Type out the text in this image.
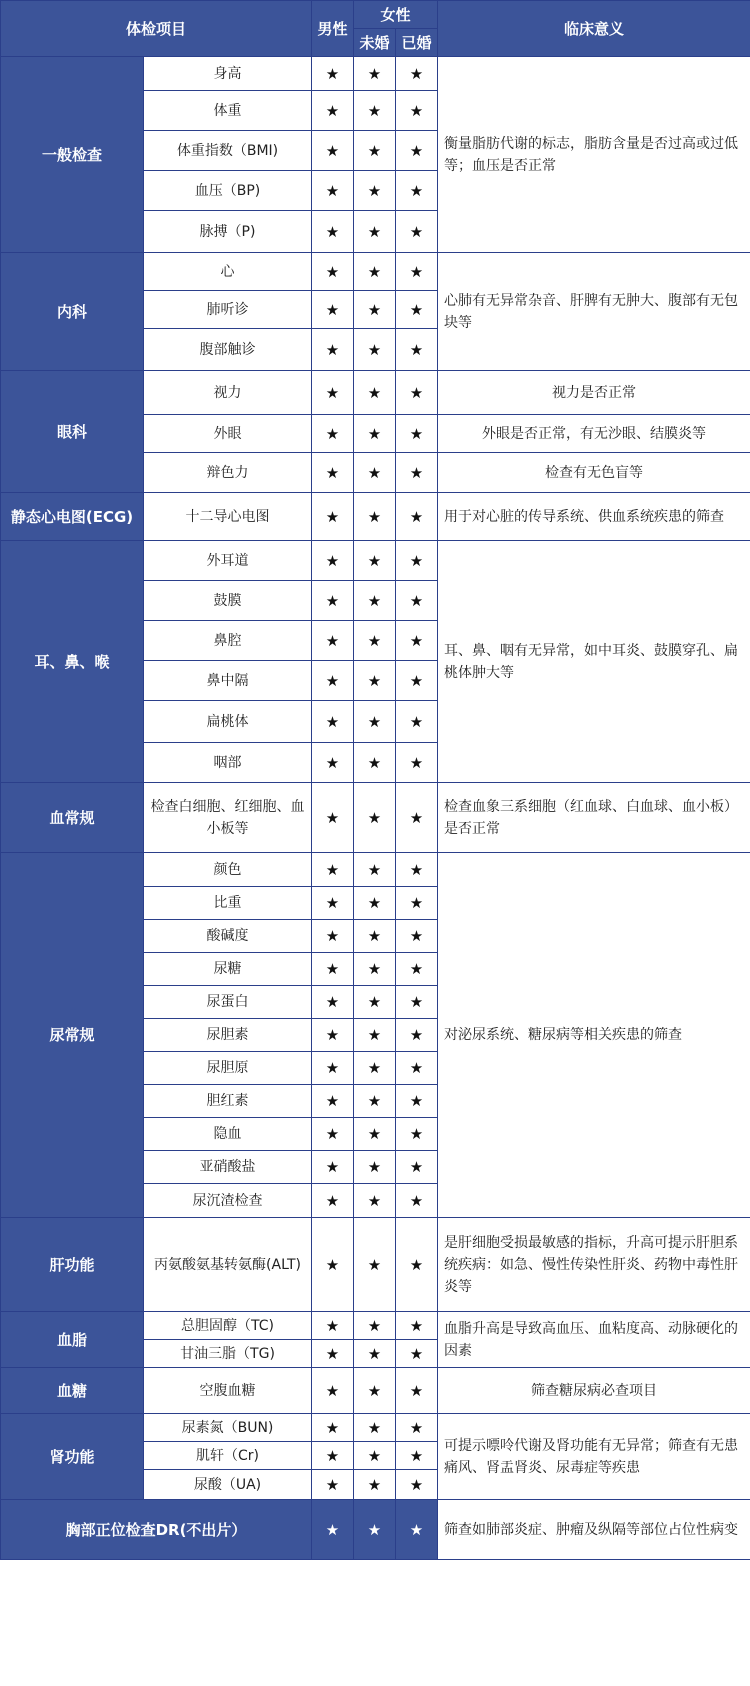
体检项目		男性	女性		临床意义
			未婚	已婚	
一般检查	身高	★	★	★	衡量脂肪代谢的标志，脂肪含量是否过高或过低等；血压是否正常
	体重	★	★	★	
	体重指数（BMI)	★	★	★	
	血压（BP)	★	★	★	
	脉搏（P)	★	★	★	
内科	心	★	★	★	心肺有无异常杂音、肝脾有无肿大、腹部有无包块等
	肺听诊	★	★	★	
	腹部触诊	★	★	★	
眼科	视力	★	★	★	视力是否正常
	外眼	★	★	★	外眼是否正常，有无沙眼、结膜炎等
	辩色力	★	★	★	检查有无色盲等
静态心电图(ECG)	十二导心电图	★	★	★	用于对心脏的传导系统、供血系统疾患的筛查
耳、鼻、喉	外耳道	★	★	★	耳、鼻、咽有无异常，如中耳炎、鼓膜穿孔、扁桃体肿大等
	鼓膜	★	★	★	
	鼻腔	★	★	★	
	鼻中隔	★	★	★	
	扁桃体	★	★	★	
	咽部	★	★	★	
血常规	检查白细胞、红细胞、血小板等	★	★	★	检查血象三系细胞（红血球、白血球、血小板）是否正常
尿常规	颜色	★	★	★	对泌尿系统、糖尿病等相关疾患的筛查
	比重	★	★	★	
	酸碱度	★	★	★	
	尿糖	★	★	★	
	尿蛋白	★	★	★	
	尿胆素	★	★	★	
	尿胆原	★	★	★	
	胆红素	★	★	★	
	隐血	★	★	★	
	亚硝酸盐	★	★	★	
	尿沉渣检查	★	★	★	
肝功能	丙氨酸氨基转氨酶(ALT)	★	★	★	是肝细胞受损最敏感的指标，升高可提示肝胆系统疾病：如急、慢性传染性肝炎、药物中毒性肝炎等
血脂	总胆固醇（TC)	★	★	★	血脂升高是导致高血压、血粘度高、动脉硬化的因素
	甘油三脂（TG)	★	★	★	
血糖	空腹血糖	★	★	★	筛查糖尿病必查项目
肾功能	尿素氮（BUN)	★	★	★	可提示嘌呤代谢及肾功能有无异常；筛查有无患痛风、肾盂肾炎、尿毒症等疾患
	肌轩（Cr)	★	★	★	
	尿酸（UA)	★	★	★	
胸部正位检查DR(不出片）		★	★	★	筛查如肺部炎症、肿瘤及纵隔等部位占位性病变
